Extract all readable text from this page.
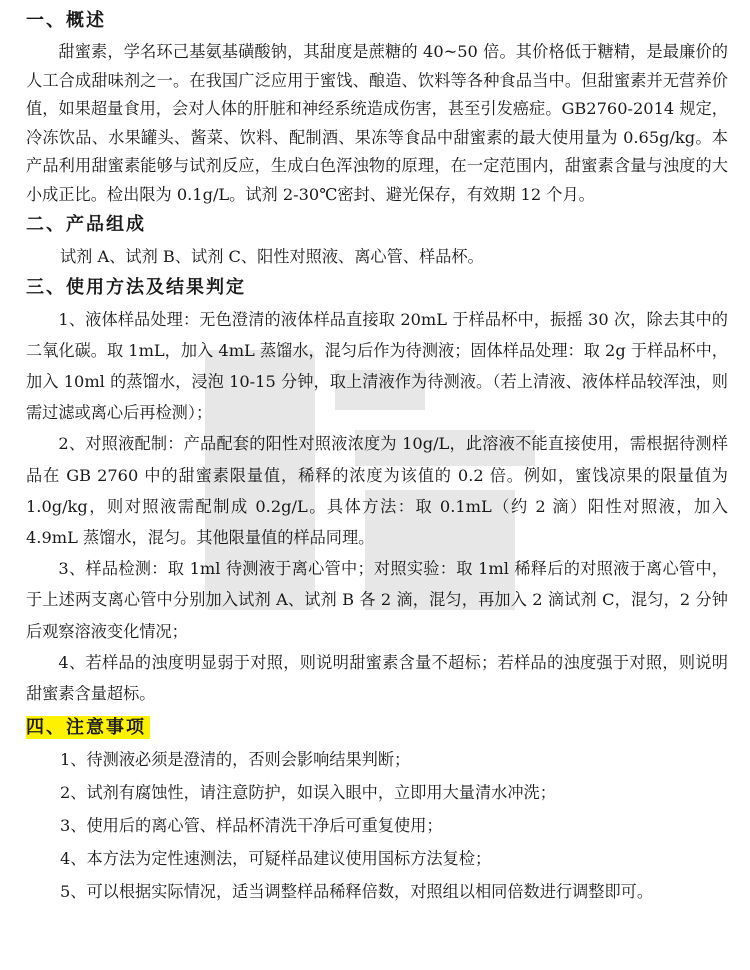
一、概述

甜蜜素，学名环己基氨基磺酸钠，其甜度是蔗糖的 40~50 倍。其价格低于糖精，是最廉价的人工合成甜味剂之一。在我国广泛应用于蜜饯、酿造、饮料等各种食品当中。但甜蜜素并无营养价值，如果超量食用，会对人体的肝脏和神经系统造成伤害，甚至引发癌症。GB2760-2014 规定，冷冻饮品、水果罐头、酱菜、饮料、配制酒、果冻等食品中甜蜜素的最大使用量为 0.65g/kg。本产品利用甜蜜素能够与试剂反应，生成白色浑浊物的原理，在一定范围内，甜蜜素含量与浊度的大小成正比。检出限为 0.1g/L。试剂 2-30℃密封、避光保存，有效期 12 个月。

二、产品组成

试剂 A、试剂 B、试剂 C、阳性对照液、离心管、样品杯。

三、使用方法及结果判定

1、液体样品处理：无色澄清的液体样品直接取 20mL 于样品杯中，振摇 30 次，除去其中的二氧化碳。取 1mL，加入 4mL 蒸馏水，混匀后作为待测液；固体样品处理：取 2g 于样品杯中，加入 10ml 的蒸馏水，浸泡 10-15 分钟，取上清液作为待测液。（若上清液、液体样品较浑浊，则需过滤或离心后再检测）；

2、对照液配制：产品配套的阳性对照液浓度为 10g/L，此溶液不能直接使用，需根据待测样品在 GB 2760 中的甜蜜素限量值，稀释的浓度为该值的 0.2 倍。例如，蜜饯凉果的限量值为 1.0g/kg，则对照液需配制成 0.2g/L。具体方法：取 0.1mL（约 2 滴）阳性对照液，加入 4.9mL 蒸馏水，混匀。其他限量值的样品同理。

3、样品检测：取 1ml 待测液于离心管中；对照实验：取 1ml 稀释后的对照液于离心管中，于上述两支离心管中分别加入试剂 A、试剂 B 各 2 滴，混匀，再加入 2 滴试剂 C，混匀，2 分钟后观察溶液变化情况；

4、若样品的浊度明显弱于对照，则说明甜蜜素含量不超标；若样品的浊度强于对照，则说明甜蜜素含量超标。

四、注意事项

1、待测液必须是澄清的，否则会影响结果判断；

2、试剂有腐蚀性，请注意防护，如误入眼中，立即用大量清水冲洗；

3、使用后的离心管、样品杯清洗干净后可重复使用；

4、本方法为定性速测法，可疑样品建议使用国标方法复检；

5、可以根据实际情况，适当调整样品稀释倍数，对照组以相同倍数进行调整即可。
